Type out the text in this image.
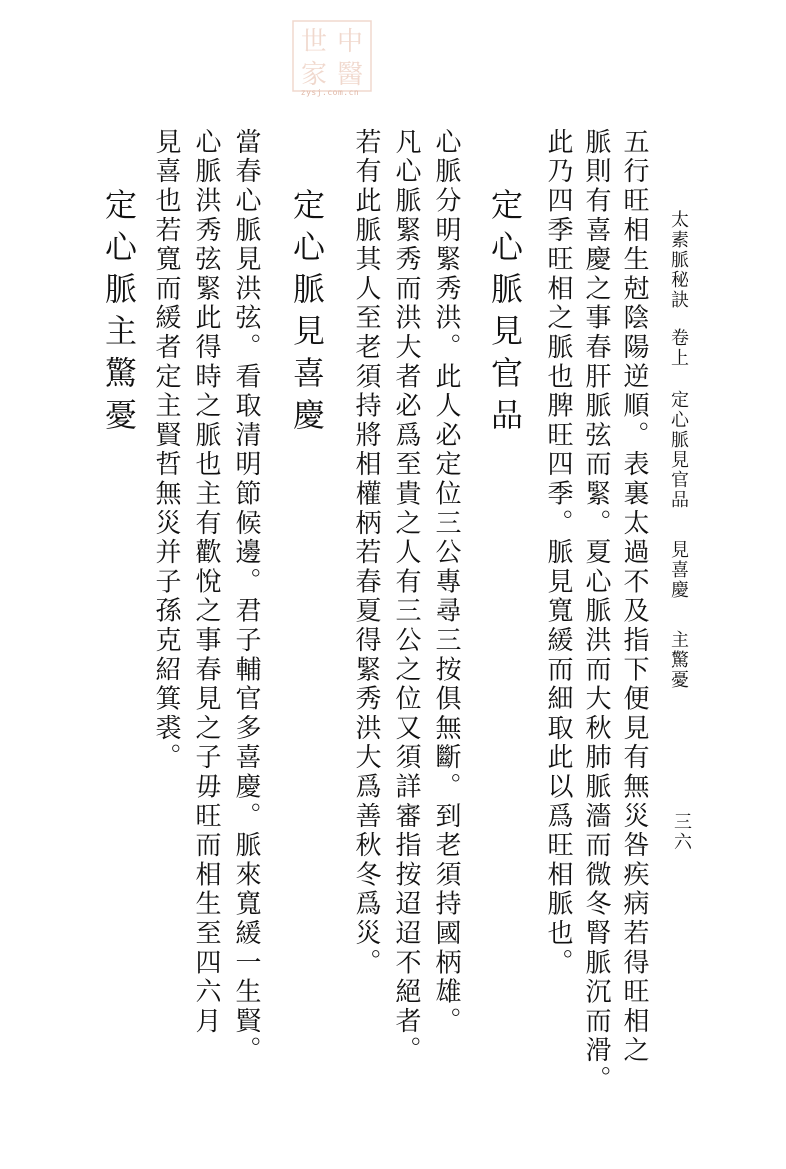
中
醫
世
家
zysj.com.cn
太素脈秘訣卷上定心脈見官品見喜慶主驚憂
三六
五行旺相生尅陰陽逆順。表裏太過不及指下便見有無災咎疾病若得旺相之
脈則有喜慶之事春肝脈弦而緊。夏心脈洪而大秋肺脈濇而微冬腎脈沉而滑。
此乃四季旺相之脈也脾旺四季。脈見寬緩而細取此以爲旺相脈也。
定心脈見官品
心脈分明緊秀洪。此人必定位三公專尋三按俱無斷。到老須持國柄雄。
凡心脈緊秀而洪大者必爲至貴之人有三公之位又須詳審指按迢迢不絕者。
若有此脈其人至老須持將相權柄若春夏得緊秀洪大爲善秋冬爲災。
定心脈見喜慶
當春心脈見洪弦。看取清明節候邊。君子輔官多喜慶。脈來寬緩一生賢。
心脈洪秀弦緊此得時之脈也主有歡悅之事春見之子毋旺而相生至四六月
見喜也若寬而緩者定主賢哲無災并子孫克紹箕裘。
定心脈主驚憂
